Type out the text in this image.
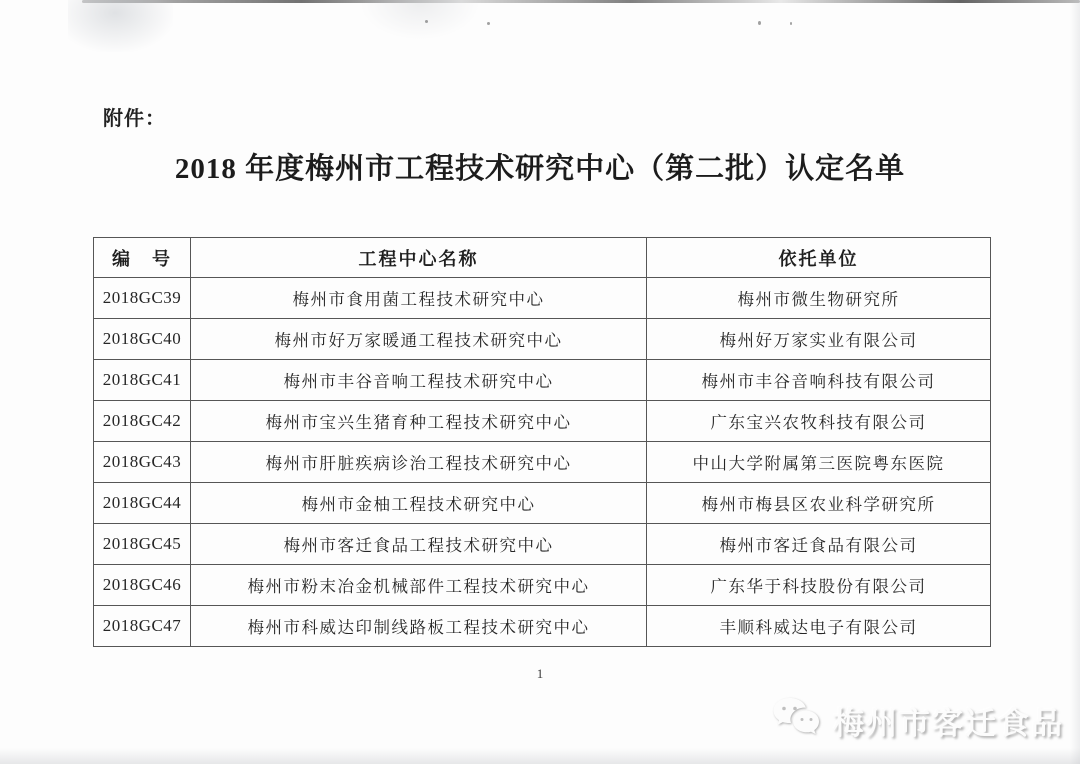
附件：
2018 年度梅州市工程技术研究中心（第二批）认定名单
编　号	工程中心名称	依托单位
2018GC39	梅州市食用菌工程技术研究中心	梅州市微生物研究所
2018GC40	梅州市好万家暖通工程技术研究中心	梅州好万家实业有限公司
2018GC41	梅州市丰谷音响工程技术研究中心	梅州市丰谷音响科技有限公司
2018GC42	梅州市宝兴生猪育种工程技术研究中心	广东宝兴农牧科技有限公司
2018GC43	梅州市肝脏疾病诊治工程技术研究中心	中山大学附属第三医院粤东医院
2018GC44	梅州市金柚工程技术研究中心	梅州市梅县区农业科学研究所
2018GC45	梅州市客迁食品工程技术研究中心	梅州市客迁食品有限公司
2018GC46	梅州市粉末冶金机械部件工程技术研究中心	广东华于科技股份有限公司
2018GC47	梅州市科威达印制线路板工程技术研究中心	丰顺科威达电子有限公司
1
梅州市客迁食品
